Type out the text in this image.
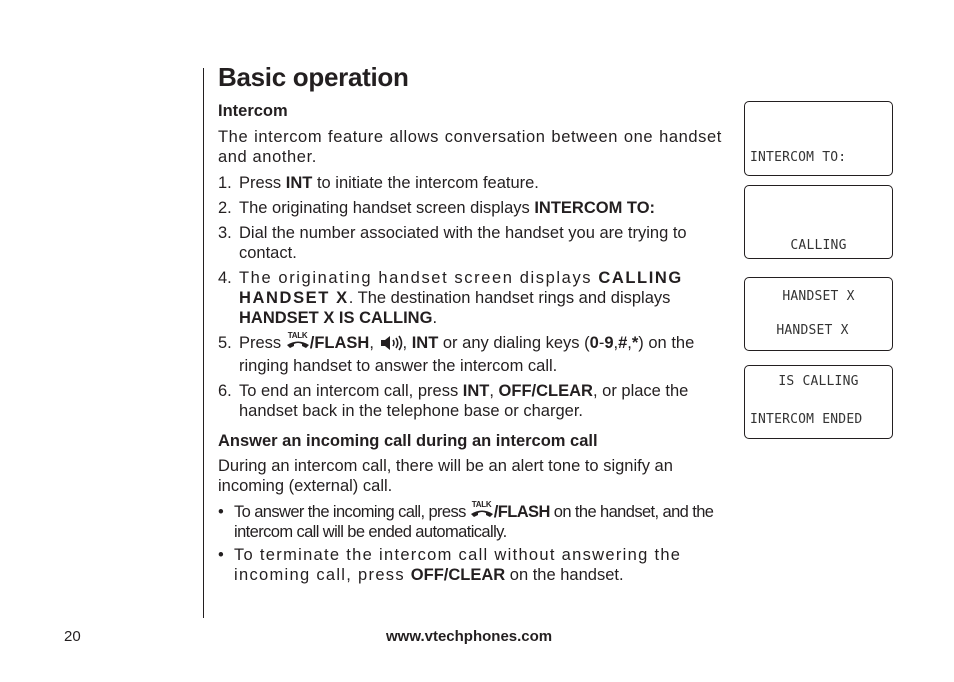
Basic operation

Intercom

The intercom feature allows conversation between one handset and another.

1. Press INT to initiate the intercom feature.
2. The originating handset screen displays INTERCOM TO:
3. Dial the number associated with the handset you are trying to contact.
4. The originating handset screen displays CALLING HANDSET X. The destination handset rings and displays HANDSET X IS CALLING.
5. Press TALK /FLASH, , INT or any dialing keys (0-9,#,*) on the ringing handset to answer the intercom call.
6. To end an intercom call, press INT, OFF/CLEAR, or place the handset back in the telephone base or charger.

Answer an incoming call during an intercom call

During an intercom call, there will be an alert tone to signify an incoming (external) call.

• To answer the incoming call, press TALK /FLASH on the handset, and the intercom call will be ended automatically.
• To terminate the intercom call without answering the incoming call, press OFF/CLEAR on the handset.

INTERCOM TO:

CALLING

HANDSET X

HANDSET X

IS CALLING

INTERCOM ENDED

20	www.vtechphones.com
